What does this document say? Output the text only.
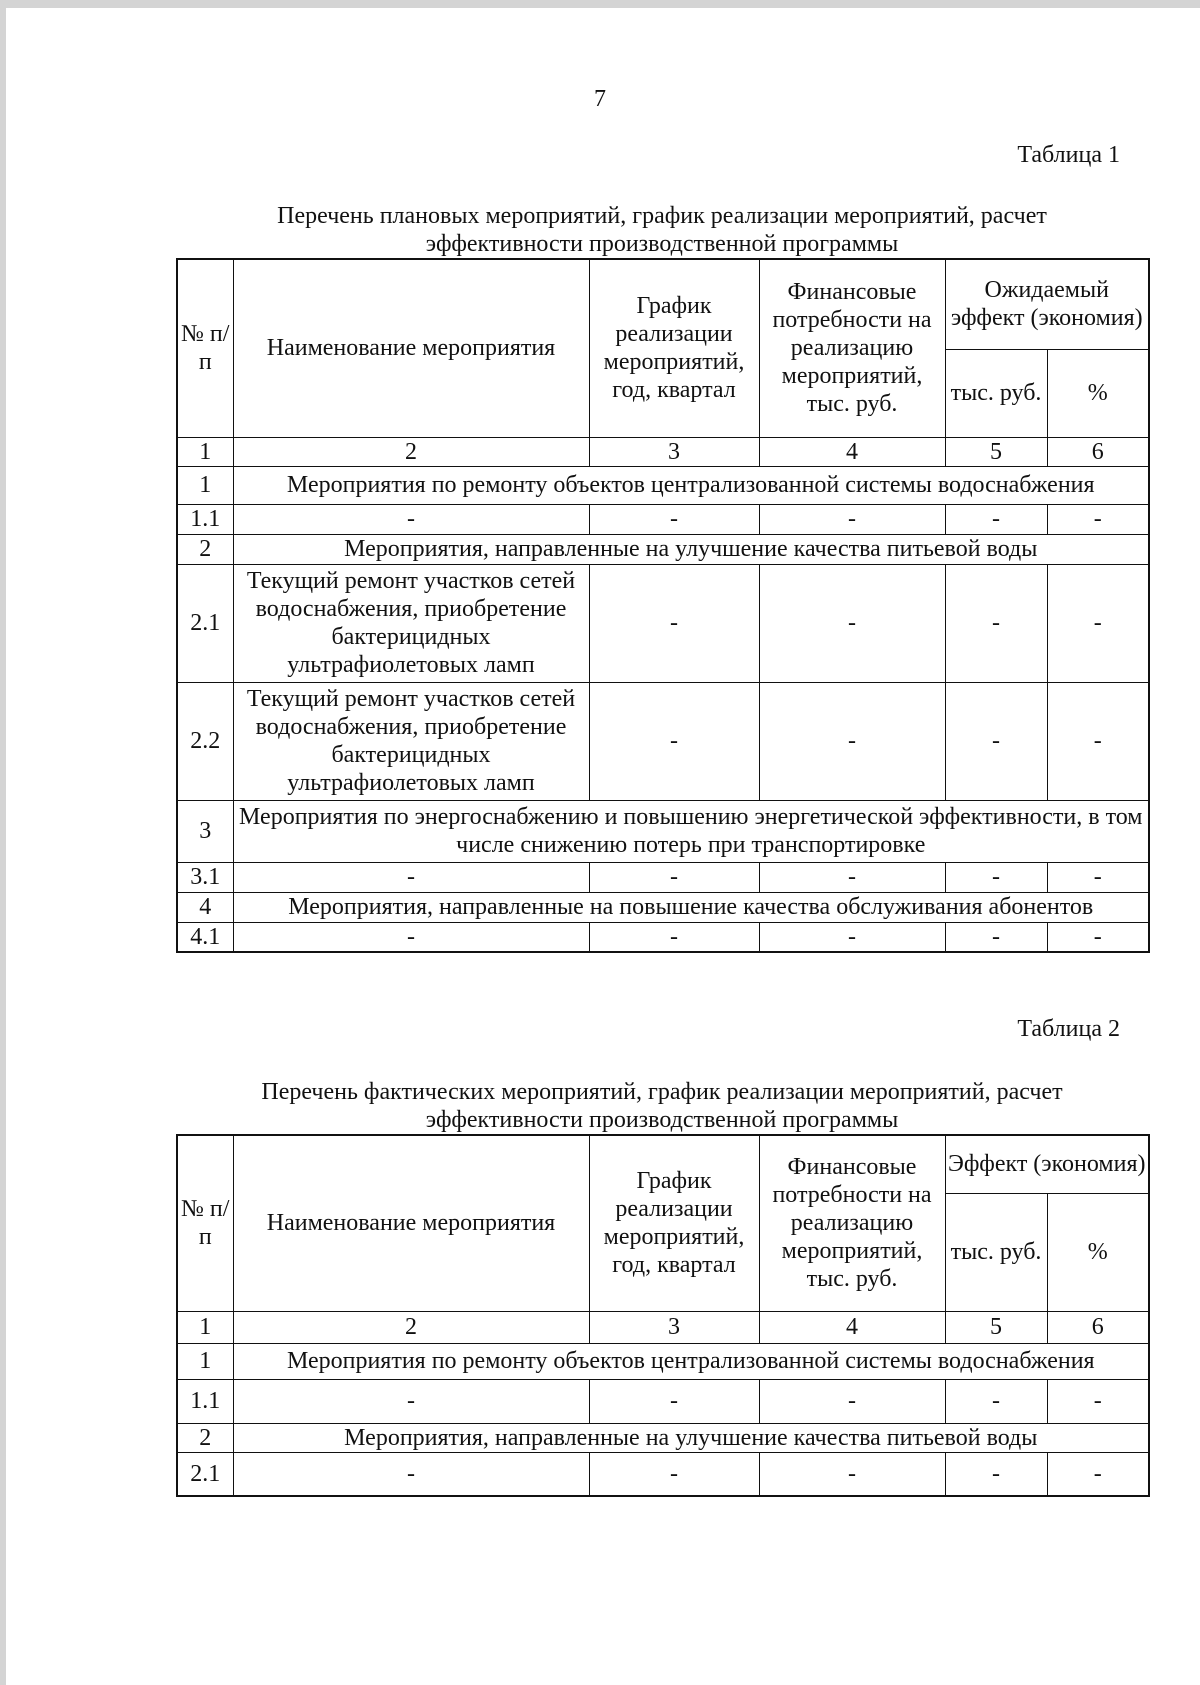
7
Таблица 1
Перечень плановых мероприятий, график реализации мероприятий, расчет
эффективности производственной программы
№ п/ п	Наименование мероприятия	График реализации мероприятий, год, квартал	Финансовые потребности на реализацию мероприятий, тыс. руб.	Ожидаемый эффект (экономия)	
				тыс. руб.	%
1	2	3	4	5	6
1	Мероприятия по ремонту объектов централизованной системы водоснабжения				
1.1	-	-	-	-	-
2	Мероприятия, направленные на улучшение качества питьевой воды				
2.1	Текущий ремонт участков сетей водоснабжения, приобретение бактерицидных ультрафиолетовых ламп	-	-	-	-
2.2	Текущий ремонт участков сетей водоснабжения, приобретение бактерицидных ультрафиолетовых ламп	-	-	-	-
3	Мероприятия по энергоснабжению и повышению энергетической эффективности, в том числе снижению потерь при транспортировке				
3.1	-	-	-	-	-
4	Мероприятия, направленные на повышение качества обслуживания абонентов				
4.1	-	-	-	-	-
Таблица 2
Перечень фактических мероприятий, график реализации мероприятий, расчет
эффективности производственной программы
№ п/ п	Наименование мероприятия	График реализации мероприятий, год, квартал	Финансовые потребности на реализацию мероприятий, тыс. руб.	Эффект (экономия)	
				тыс. руб.	%
1	2	3	4	5	6
1	Мероприятия по ремонту объектов централизованной системы водоснабжения				
1.1	-	-	-	-	-
2	Мероприятия, направленные на улучшение качества питьевой воды				
2.1	-	-	-	-	-
